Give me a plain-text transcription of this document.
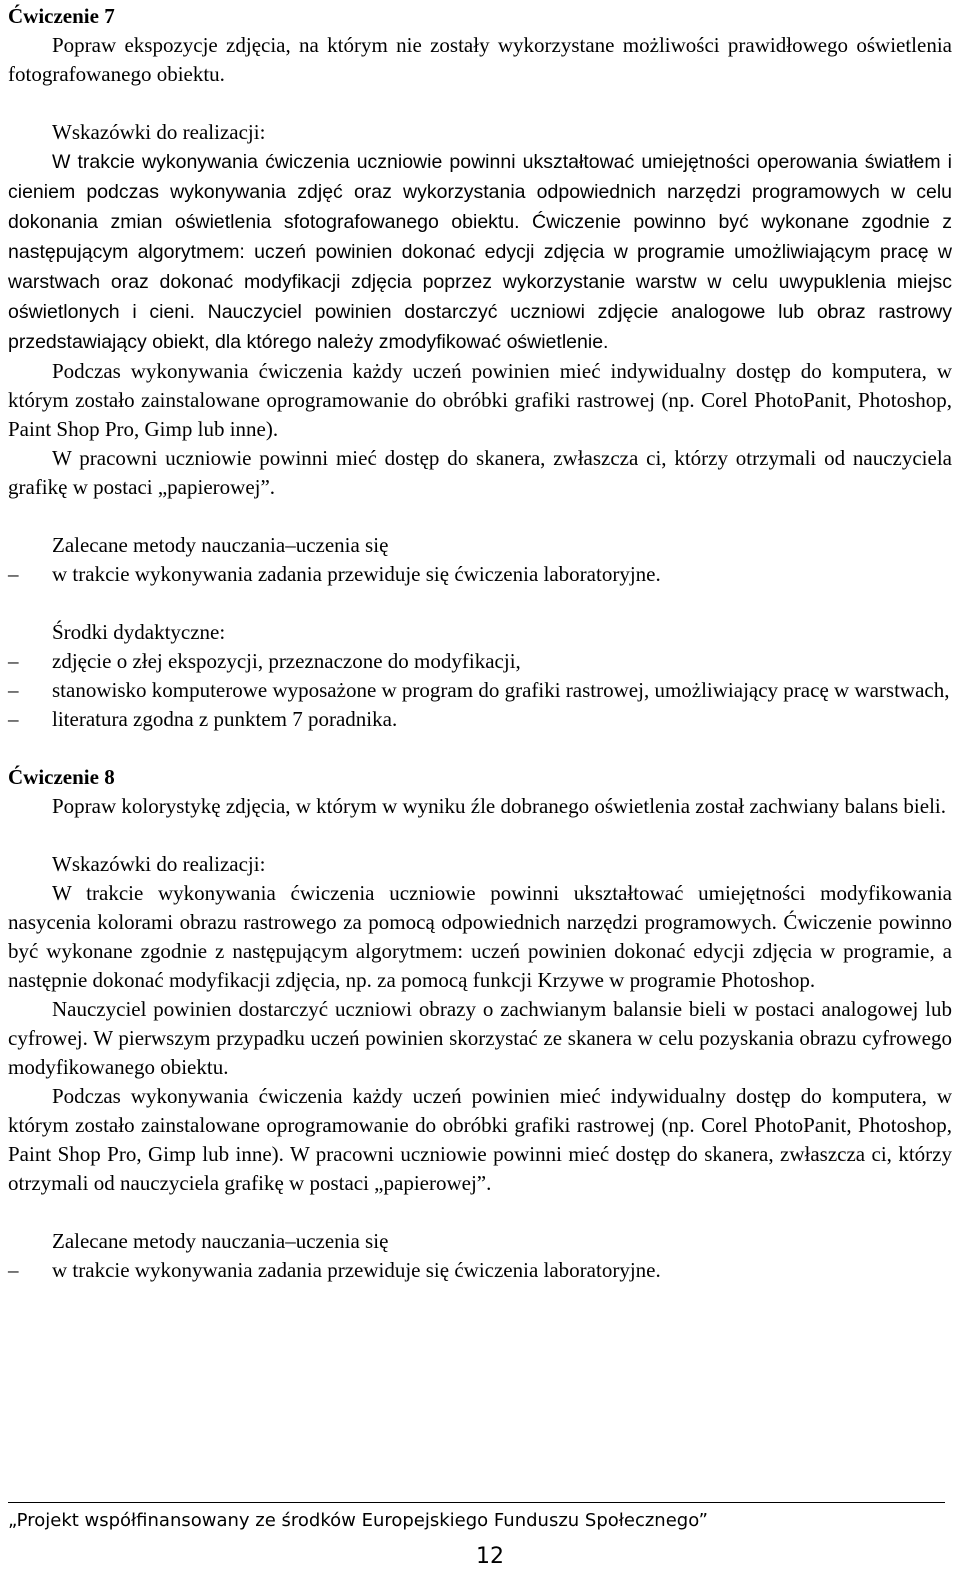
Ćwiczenie 7

Popraw ekspozycje zdjęcia, na którym nie zostały wykorzystane możliwości prawidłowego oświetlenia fotografowanego obiektu.

Wskazówki do realizacji:

W trakcie wykonywania ćwiczenia uczniowie powinni ukształtować umiejętności operowania światłem i cieniem podczas wykonywania zdjęć oraz wykorzystania odpowiednich narzędzi programowych w celu dokonania zmian oświetlenia sfotografowanego obiektu. Ćwiczenie powinno być wykonane zgodnie z następującym algorytmem: uczeń powinien dokonać edycji zdjęcia w programie umożliwiającym pracę w warstwach oraz dokonać modyfikacji zdjęcia poprzez wykorzystanie warstw w celu uwypuklenia miejsc oświetlonych i cieni. Nauczyciel powinien dostarczyć uczniowi zdjęcie analogowe lub obraz rastrowy przedstawiający obiekt, dla którego należy zmodyfikować oświetlenie.

Podczas wykonywania ćwiczenia każdy uczeń powinien mieć indywidualny dostęp do komputera, w którym zostało zainstalowane oprogramowanie do obróbki grafiki rastrowej (np. Corel PhotoPanit, Photoshop, Paint Shop Pro, Gimp lub inne).

W pracowni uczniowie powinni mieć dostęp do skanera, zwłaszcza ci, którzy otrzymali od nauczyciela grafikę w postaci „papierowej”.

Zalecane metody nauczania–uczenia się

– w trakcie wykonywania zadania przewiduje się ćwiczenia laboratoryjne.

Środki dydaktyczne:

– zdjęcie o złej ekspozycji, przeznaczone do modyfikacji,
– stanowisko komputerowe wyposażone w program do grafiki rastrowej, umożliwiający pracę w warstwach,
– literatura zgodna z punktem 7 poradnika.

Ćwiczenie 8

Popraw kolorystykę zdjęcia, w którym w wyniku źle dobranego oświetlenia został zachwiany balans bieli.

Wskazówki do realizacji:

W trakcie wykonywania ćwiczenia uczniowie powinni ukształtować umiejętności modyfikowania nasycenia kolorami obrazu rastrowego za pomocą odpowiednich narzędzi programowych. Ćwiczenie powinno być wykonane zgodnie z następującym algorytmem: uczeń powinien dokonać edycji zdjęcia w programie, a następnie dokonać modyfikacji zdjęcia, np. za pomocą funkcji Krzywe w programie Photoshop.

Nauczyciel powinien dostarczyć uczniowi obrazy o zachwianym balansie bieli w postaci analogowej lub cyfrowej. W pierwszym przypadku uczeń powinien skorzystać ze skanera w celu pozyskania obrazu cyfrowego modyfikowanego obiektu.

Podczas wykonywania ćwiczenia każdy uczeń powinien mieć indywidualny dostęp do komputera, w którym zostało zainstalowane oprogramowanie do obróbki grafiki rastrowej (np. Corel PhotoPanit, Photoshop, Paint Shop Pro, Gimp lub inne). W pracowni uczniowie powinni mieć dostęp do skanera, zwłaszcza ci, którzy otrzymali od nauczyciela grafikę w postaci „papierowej”.

Zalecane metody nauczania–uczenia się

– w trakcie wykonywania zadania przewiduje się ćwiczenia laboratoryjne.
„Projekt współfinansowany ze środków Europejskiego Funduszu Społecznego”
12
